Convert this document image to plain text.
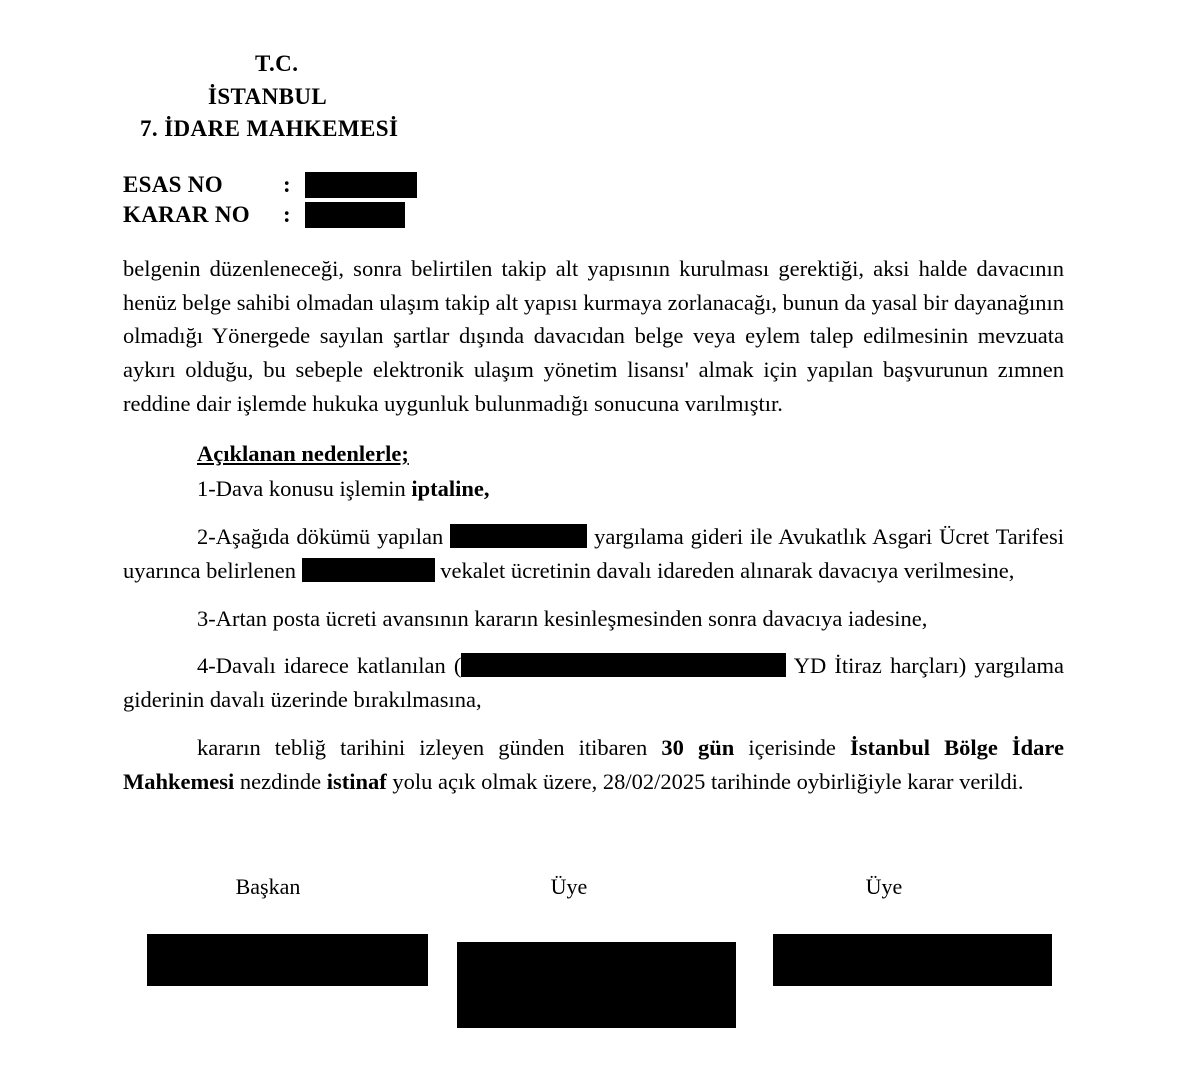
T.C.
İSTANBUL
7. İDARE MAHKEMESİ
ESAS NO	:
KARAR NO	:

belgenin düzenleneceği, sonra belirtilen takip alt yapısının kurulması gerektiği, aksi halde davacının henüz belge sahibi olmadan ulaşım takip alt yapısı kurmaya zorlanacağı, bunun da yasal bir dayanağının olmadığı Yönergede sayılan şartlar dışında davacıdan belge veya eylem talep edilmesinin mevzuata aykırı olduğu, bu sebeple elektronik ulaşım yönetim lisansı' almak için yapılan başvurunun zımnen reddine dair işlemde hukuka uygunluk bulunmadığı sonucuna varılmıştır.

Açıklanan nedenlerle;

1-Dava konusu işlemin iptaline,

2-Aşağıda dökümü yapılan	yargılama gideri ile Avukatlık Asgari Ücret Tarifesi uyarınca belirlenen	vekalet ücretinin davalı idareden alınarak davacıya verilmesine,

3-Artan posta ücreti avansının kararın kesinleşmesinden sonra davacıya iadesine,

4-Davalı idarece katlanılan (	YD İtiraz harçları) yargılama giderinin davalı üzerinde bırakılmasına,

kararın tebliğ tarihini izleyen günden itibaren 30 gün içerisinde İstanbul Bölge İdare Mahkemesi nezdinde istinaf yolu açık olmak üzere, 28/02/2025 tarihinde oybirliğiyle karar verildi.

Başkan	Üye	Üye
